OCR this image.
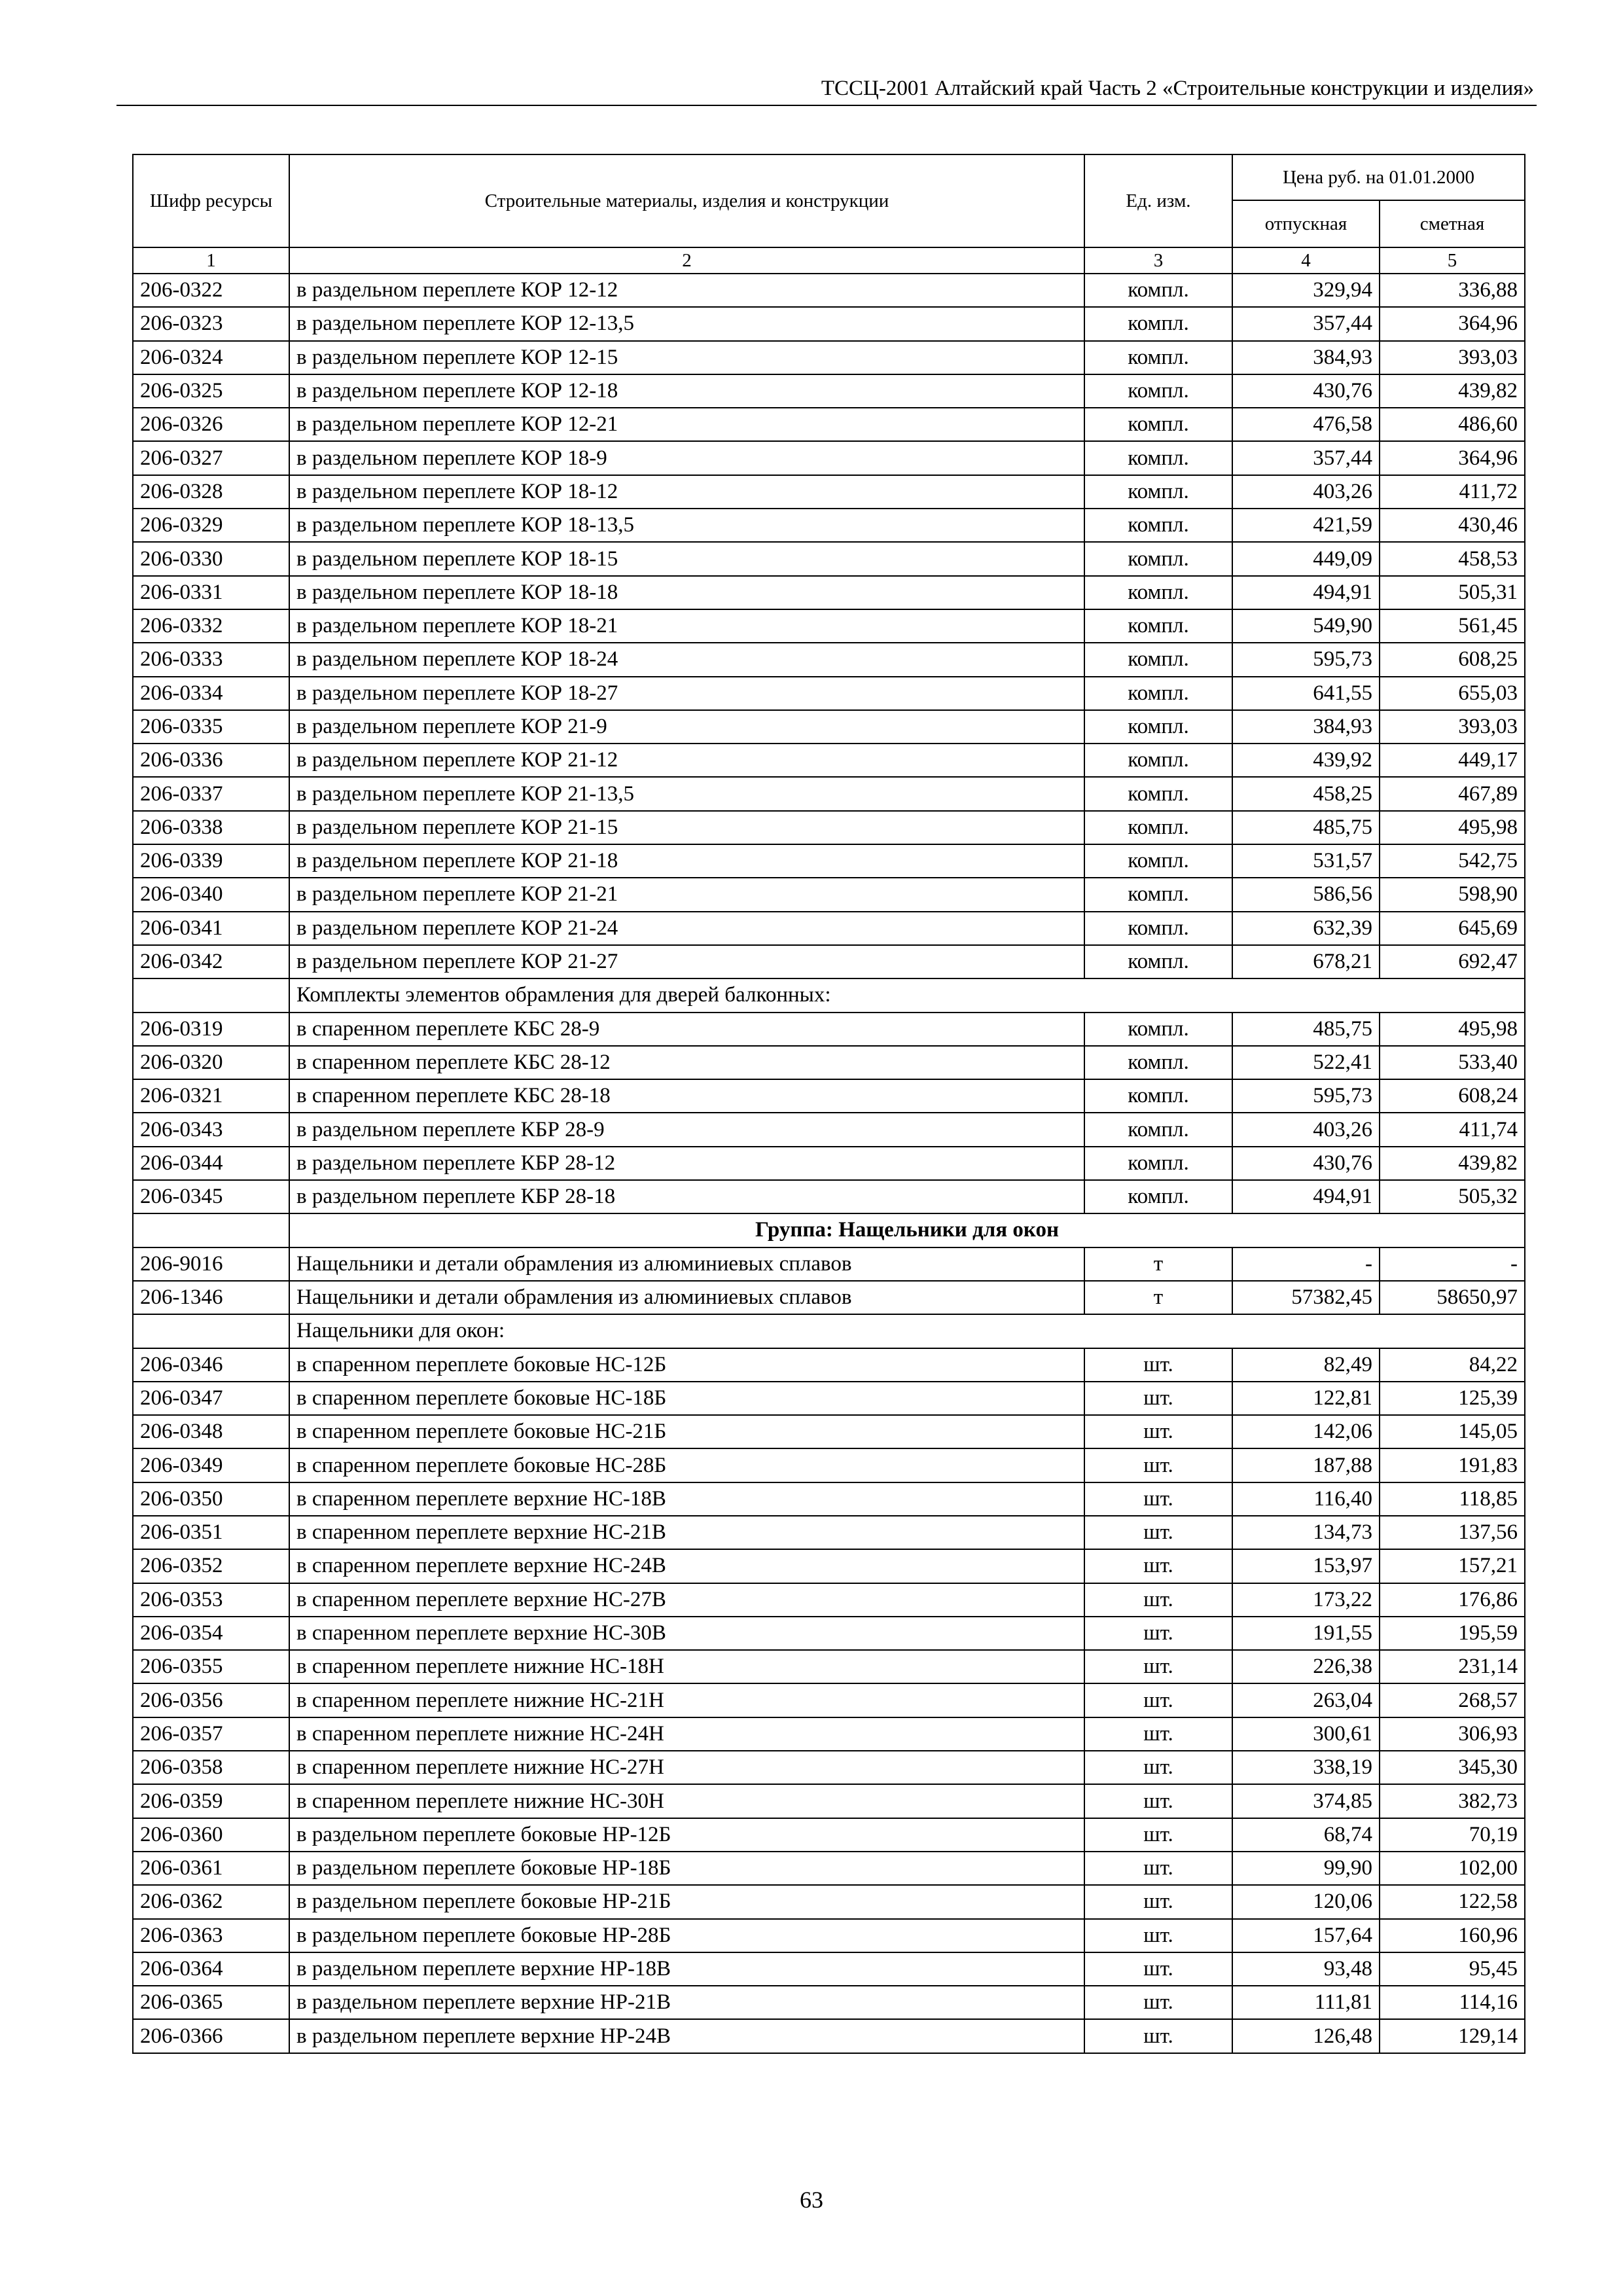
ТССЦ-2001 Алтайский край Часть 2 «Строительные конструкции и изделия»
Шифр ресурсы	Строительные материалы, изделия и конструкции	Ед. изм.	Цена руб. на 01.01.2000	
			отпускная	сметная
1	2	3	4	5
206-0322	в раздельном переплете КОР 12-12	компл.	329,94	336,88
206-0323	в раздельном переплете КОР 12-13,5	компл.	357,44	364,96
206-0324	в раздельном переплете КОР 12-15	компл.	384,93	393,03
206-0325	в раздельном переплете КОР 12-18	компл.	430,76	439,82
206-0326	в раздельном переплете КОР 12-21	компл.	476,58	486,60
206-0327	в раздельном переплете КОР 18-9	компл.	357,44	364,96
206-0328	в раздельном переплете КОР 18-12	компл.	403,26	411,72
206-0329	в раздельном переплете КОР 18-13,5	компл.	421,59	430,46
206-0330	в раздельном переплете КОР 18-15	компл.	449,09	458,53
206-0331	в раздельном переплете КОР 18-18	компл.	494,91	505,31
206-0332	в раздельном переплете КОР 18-21	компл.	549,90	561,45
206-0333	в раздельном переплете КОР 18-24	компл.	595,73	608,25
206-0334	в раздельном переплете КОР 18-27	компл.	641,55	655,03
206-0335	в раздельном переплете КОР 21-9	компл.	384,93	393,03
206-0336	в раздельном переплете КОР 21-12	компл.	439,92	449,17
206-0337	в раздельном переплете КОР 21-13,5	компл.	458,25	467,89
206-0338	в раздельном переплете КОР 21-15	компл.	485,75	495,98
206-0339	в раздельном переплете КОР 21-18	компл.	531,57	542,75
206-0340	в раздельном переплете КОР 21-21	компл.	586,56	598,90
206-0341	в раздельном переплете КОР 21-24	компл.	632,39	645,69
206-0342	в раздельном переплете КОР 21-27	компл.	678,21	692,47
	Комплекты элементов обрамления для дверей балконных:			
206-0319	в спаренном переплете КБС 28-9	компл.	485,75	495,98
206-0320	в спаренном переплете КБС 28-12	компл.	522,41	533,40
206-0321	в спаренном переплете КБС 28-18	компл.	595,73	608,24
206-0343	в раздельном переплете КБР 28-9	компл.	403,26	411,74
206-0344	в раздельном переплете КБР 28-12	компл.	430,76	439,82
206-0345	в раздельном переплете КБР 28-18	компл.	494,91	505,32
	Группа: Нащельники для окон			
206-9016	Нащельники и детали обрамления из алюминиевых сплавов	т	-	-
206-1346	Нащельники и детали обрамления из алюминиевых сплавов	т	57382,45	58650,97
	Нащельники для окон:			
206-0346	в спаренном переплете боковые НС-12Б	шт.	82,49	84,22
206-0347	в спаренном переплете боковые НС-18Б	шт.	122,81	125,39
206-0348	в спаренном переплете боковые НС-21Б	шт.	142,06	145,05
206-0349	в спаренном переплете боковые НС-28Б	шт.	187,88	191,83
206-0350	в спаренном переплете верхние НС-18В	шт.	116,40	118,85
206-0351	в спаренном переплете верхние НС-21В	шт.	134,73	137,56
206-0352	в спаренном переплете верхние НС-24В	шт.	153,97	157,21
206-0353	в спаренном переплете верхние НС-27В	шт.	173,22	176,86
206-0354	в спаренном переплете верхние НС-30В	шт.	191,55	195,59
206-0355	в спаренном переплете нижние НС-18Н	шт.	226,38	231,14
206-0356	в спаренном переплете нижние НС-21Н	шт.	263,04	268,57
206-0357	в спаренном переплете нижние НС-24Н	шт.	300,61	306,93
206-0358	в спаренном переплете нижние НС-27Н	шт.	338,19	345,30
206-0359	в спаренном переплете нижние НС-30Н	шт.	374,85	382,73
206-0360	в раздельном переплете боковые НР-12Б	шт.	68,74	70,19
206-0361	в раздельном переплете боковые НР-18Б	шт.	99,90	102,00
206-0362	в раздельном переплете боковые НР-21Б	шт.	120,06	122,58
206-0363	в раздельном переплете боковые НР-28Б	шт.	157,64	160,96
206-0364	в раздельном переплете верхние НР-18В	шт.	93,48	95,45
206-0365	в раздельном переплете верхние НР-21В	шт.	111,81	114,16
206-0366	в раздельном переплете верхние НР-24В	шт.	126,48	129,14
63
